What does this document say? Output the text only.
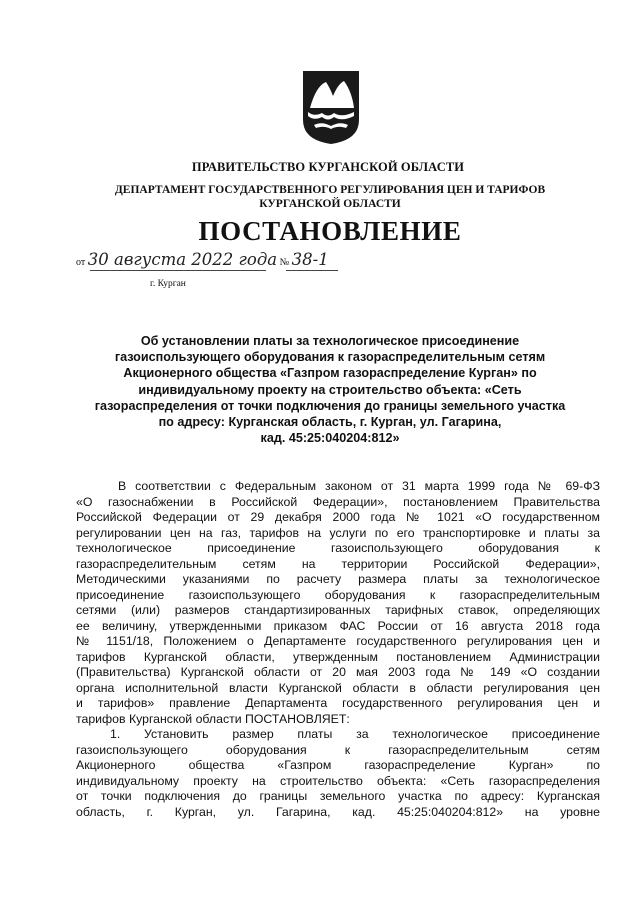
ПРАВИТЕЛЬСТВО КУРГАНСКОЙ ОБЛАСТИ
ДЕПАРТАМЕНТ ГОСУДАРСТВЕННОГО РЕГУЛИРОВАНИЯ ЦЕН И ТАРИФОВ
КУРГАНСКОЙ ОБЛАСТИ
ПОСТАНОВЛЕНИЕ
от 30 августа 2022 года № 38-1
г. Курган
Об установлении платы за технологическое присоединение
газоиспользующего оборудования к газораспределительным сетям
Акционерного общества «Газпром газораспределение Курган» по
индивидуальному проекту на строительство объекта: «Сеть
газораспределения от точки подключения до границы земельного участка
по адресу: Курганская область, г. Курган, ул. Гагарина,
кад. 45:25:040204:812»
В соответствии с Федеральным законом от 31 марта 1999 года № 69-ФЗ
«О газоснабжении в Российской Федерации», постановлением Правительства
Российской Федерации от 29 декабря 2000 года № 1021 «О государственном
регулировании цен на газ, тарифов на услуги по его транспортировке и платы за
технологическое присоединение газоиспользующего оборудования к
газораспределительным сетям на территории Российской Федерации»,
Методическими указаниями по расчету размера платы за технологическое
присоединение газоиспользующего оборудования к газораспределительным
сетями (или) размеров стандартизированных тарифных ставок, определяющих
ее величину, утвержденными приказом ФАС России от 16 августа 2018 года
№ 1151/18, Положением о Департаменте государственного регулирования цен и
тарифов Курганской области, утвержденным постановлением Администрации
(Правительства) Курганской области от 20 мая 2003 года № 149 «О создании
органа исполнительной власти Курганской области в области регулирования цен
и тарифов» правление Департамента государственного регулирования цен и
тарифов Курганской области ПОСТАНОВЛЯЕТ:
1. Установить размер платы за технологическое присоединение
газоиспользующего оборудования к газораспределительным сетям
Акционерного общества «Газпром газораспределение Курган» по
индивидуальному проекту на строительство объекта: «Сеть газораспределения
от точки подключения до границы земельного участка по адресу: Курганская
область, г. Курган, ул. Гагарина, кад. 45:25:040204:812» на уровне
